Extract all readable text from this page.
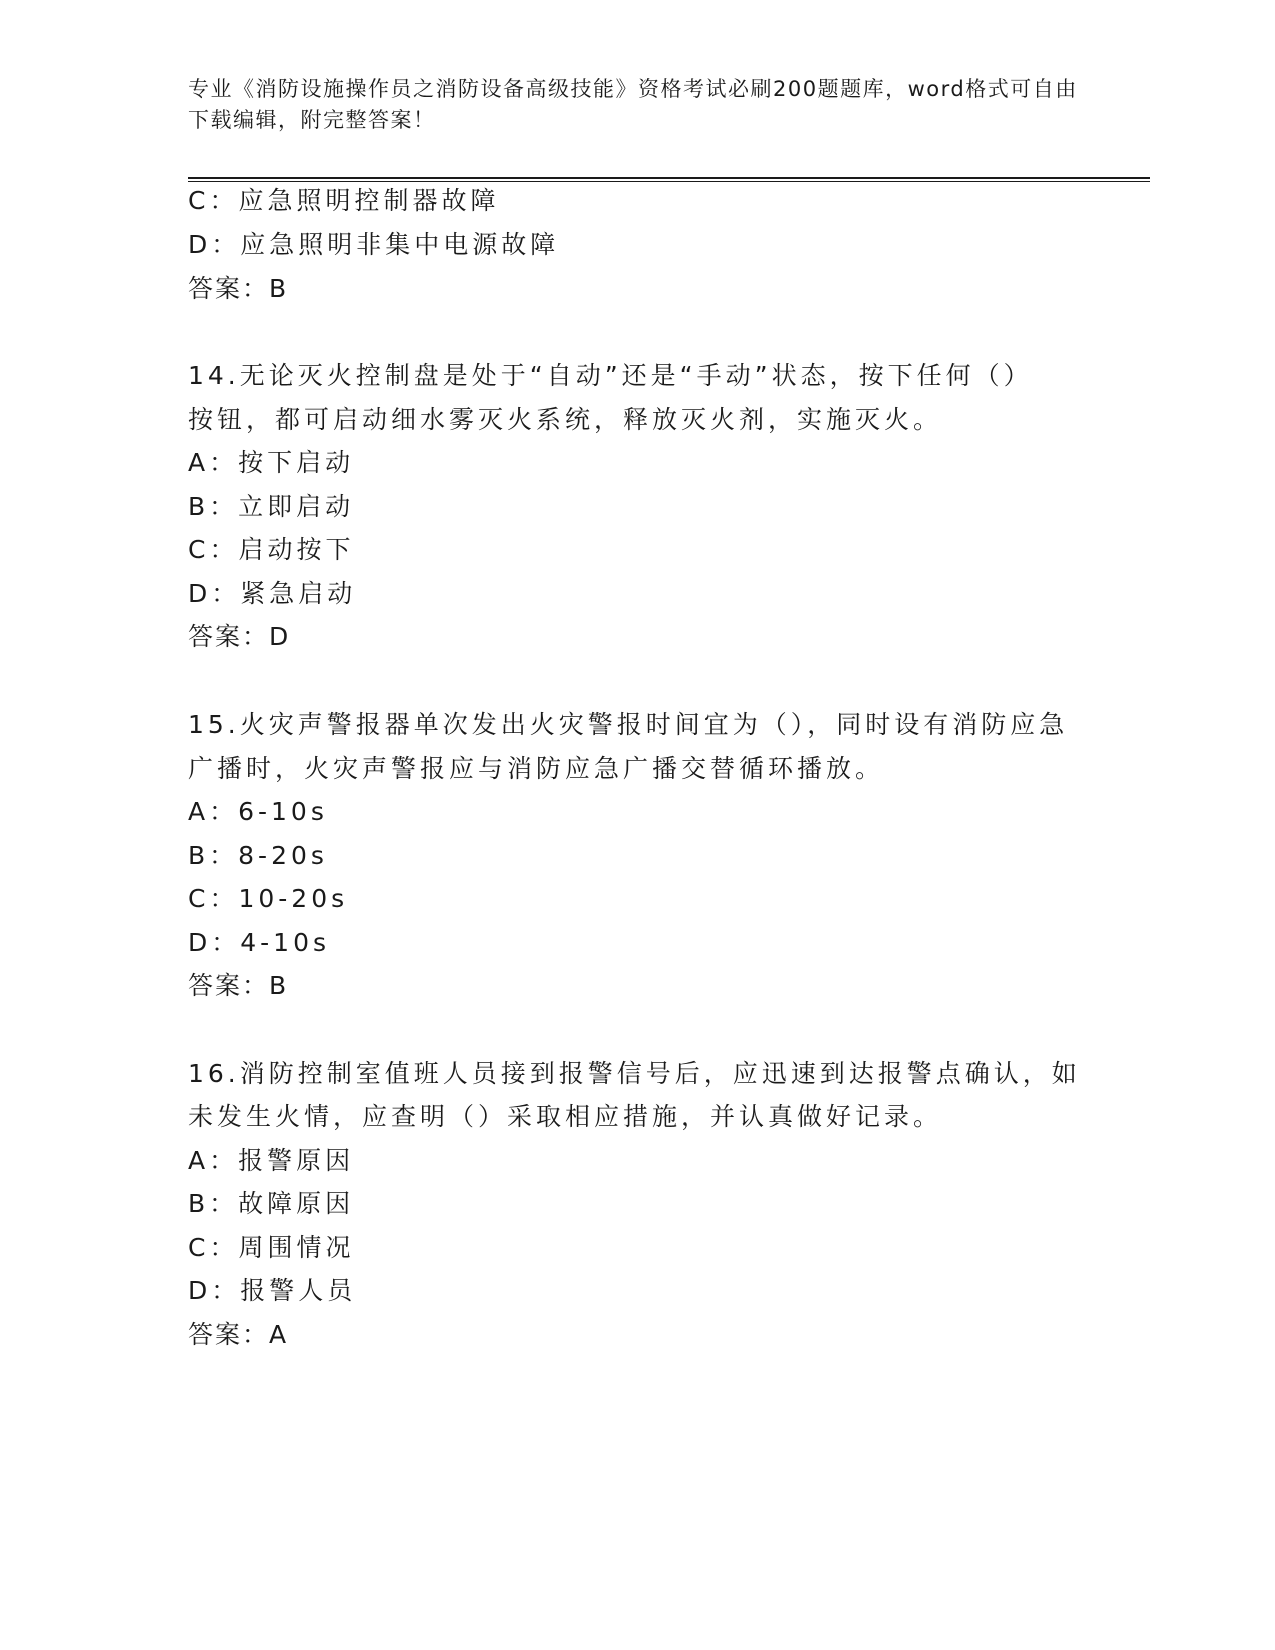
专业《消防设施操作员之消防设备高级技能》资格考试必刷200题题库，word格式可自由下载编辑，附完整答案！

C：应急照明控制器故障

D：应急照明非集中电源故障

答案：B

14.无论灭火控制盘是处于“自动”还是“手动”状态，按下任何（）

按钮，都可启动细水雾灭火系统，释放灭火剂，实施灭火。

A：按下启动

B：立即启动

C：启动按下

D：紧急启动

答案：D

15.火灾声警报器单次发出火灾警报时间宜为（），同时设有消防应急

广播时，火灾声警报应与消防应急广播交替循环播放。

A：6-10s

B：8-20s

C：10-20s

D：4-10s

答案：B

16.消防控制室值班人员接到报警信号后，应迅速到达报警点确认，如

未发生火情，应查明（）采取相应措施，并认真做好记录。

A：报警原因

B：故障原因

C：周围情况

D：报警人员

答案：A
